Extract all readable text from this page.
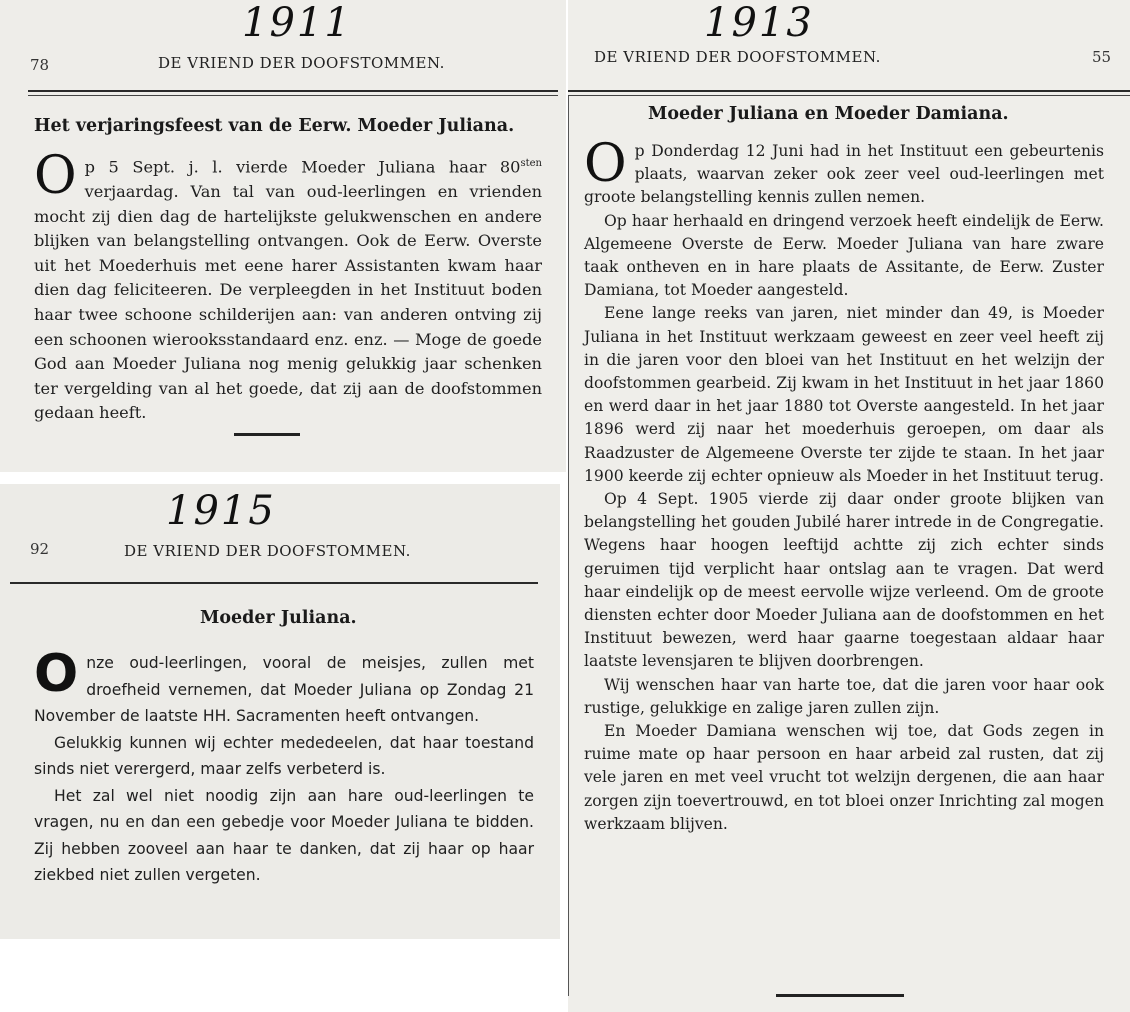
1911
78	DE VRIEND DER DOOFSTOMMEN.
Het verjaringsfeest van de Eerw. Moeder Juliana.

Op 5 Sept. j. l. vierde Moeder Juliana haar $80^{sten}$ verjaardag. Van tal van oud-leerlingen en vrienden mocht zij dien dag de hartelijkste gelukwenschen en andere blijken van belangstelling ontvangen. Ook de Eerw. Overste uit het Moederhuis met eene harer Assistanten kwam haar dien dag feliciteeren. De verpleegden in het Instituut boden haar twee schoone schilderijen aan: van anderen ontving zij een schoonen wierooksstandaard enz. enz. — Moge de goede God aan Moeder Juliana nog menig gelukkig jaar schenken ter vergelding van al het goede, dat zij aan de doofstommen gedaan heeft.

1913
DE VRIEND DER DOOFSTOMMEN.	55
Moeder Juliana en Moeder Damiana.

Op Donderdag 12 Juni had in het Instituut een gebeurtenis plaats, waarvan zeker ook zeer veel oud-leerlingen met groote belangstelling kennis zullen nemen.

Op haar herhaald en dringend verzoek heeft eindelijk de Eerw. Algemeene Overste de Eerw. Moeder Juliana van hare zware taak ontheven en in hare plaats de Assitante, de Eerw. Zuster Damiana, tot Moeder aangesteld.

Eene lange reeks van jaren, niet minder dan 49, is Moeder Juliana in het Instituut werkzaam geweest en zeer veel heeft zij in die jaren voor den bloei van het Instituut en het welzijn der doofstommen gearbeid. Zij kwam in het Instituut in het jaar 1860 en werd daar in het jaar 1880 tot Overste aangesteld. In het jaar 1896 werd zij naar het moederhuis geroepen, om daar als Raadzuster de Algemeene Overste ter zijde te staan. In het jaar 1900 keerde zij echter opnieuw als Moeder in het Instituut terug.

Op 4 Sept. 1905 vierde zij daar onder groote blijken van belangstelling het gouden Jubilé harer intrede in de Congregatie. Wegens haar hoogen leeftijd achtte zij zich echter sinds geruimen tijd verplicht haar ontslag aan te vragen. Dat werd haar eindelijk op de meest eervolle wijze verleend. Om de groote diensten echter door Moeder Juliana aan de doofstommen en het Instituut bewezen, werd haar gaarne toegestaan aldaar haar laatste levensjaren te blijven doorbrengen.

Wij wenschen haar van harte toe, dat die jaren voor haar ook rustige, gelukkige en zalige jaren zullen zijn.

En Moeder Damiana wenschen wij toe, dat Gods zegen in ruime mate op haar persoon en haar arbeid zal rusten, dat zij vele jaren en met veel vrucht tot welzijn dergenen, die aan haar zorgen zijn toevertrouwd, en tot bloei onzer Inrichting zal mogen werkzaam blijven.

1915
92	DE VRIEND DER DOOFSTOMMEN.
Moeder Juliana.

Onze oud-leerlingen, vooral de meisjes, zullen met droefheid vernemen, dat Moeder Juliana op Zondag 21 November de laatste HH. Sacramenten heeft ontvangen.

Gelukkig kunnen wij echter mededeelen, dat haar toestand sinds niet verergerd, maar zelfs verbeterd is.

Het zal wel niet noodig zijn aan hare oud-leerlingen te vragen, nu en dan een gebedje voor Moeder Juliana te bidden. Zij hebben zooveel aan haar te danken, dat zij haar op haar ziekbed niet zullen vergeten.
